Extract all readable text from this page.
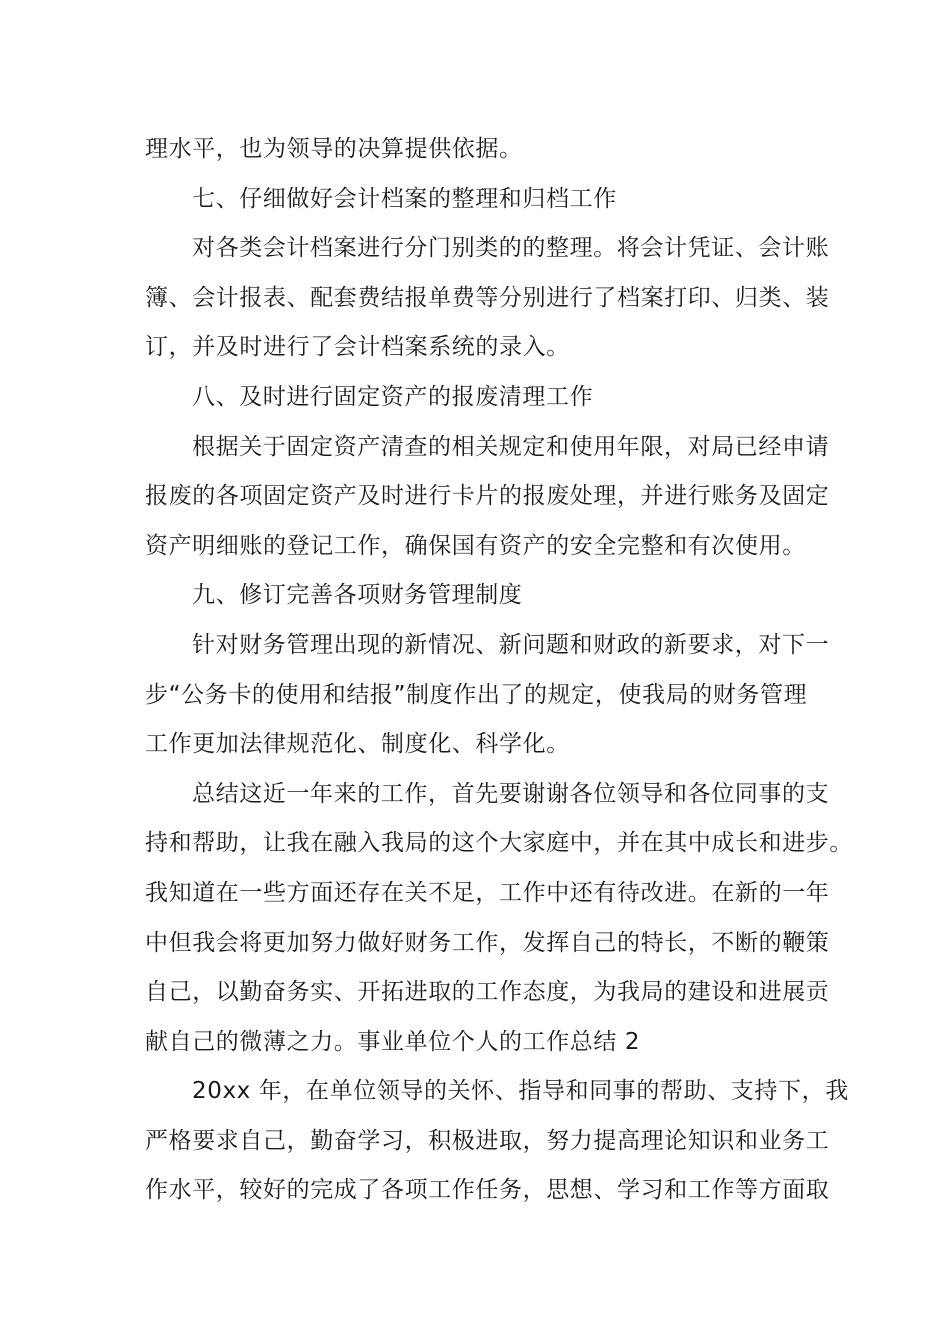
理水平，也为领导的决算提供依据。
七、仔细做好会计档案的整理和归档工作
对各类会计档案进行分门别类的的整理。将会计凭证、会计账
簿、会计报表、配套费结报单费等分别进行了档案打印、归类、装
订，并及时进行了会计档案系统的录入。
八、及时进行固定资产的报废清理工作
根据关于固定资产清查的相关规定和使用年限，对局已经申请
报废的各项固定资产及时进行卡片的报废处理，并进行账务及固定
资产明细账的登记工作，确保国有资产的安全完整和有次使用。
九、修订完善各项财务管理制度
针对财务管理出现的新情况、新问题和财政的新要求，对下一
步“公务卡的使用和结报”制度作出了的规定，使我局的财务管理
工作更加法律规范化、制度化、科学化。
总结这近一年来的工作，首先要谢谢各位领导和各位同事的支
持和帮助，让我在融入我局的这个大家庭中，并在其中成长和进步。
我知道在一些方面还存在关不足，工作中还有待改进。在新的一年
中但我会将更加努力做好财务工作，发挥自己的特长，不断的鞭策
自己，以勤奋务实、开拓进取的工作态度，为我局的建设和进展贡
献自己的微薄之力。事业单位个人的工作总结 2
20xx 年，在单位领导的关怀、指导和同事的帮助、支持下，我
严格要求自己，勤奋学习，积极进取，努力提高理论知识和业务工
作水平，较好的完成了各项工作任务，思想、学习和工作等方面取
